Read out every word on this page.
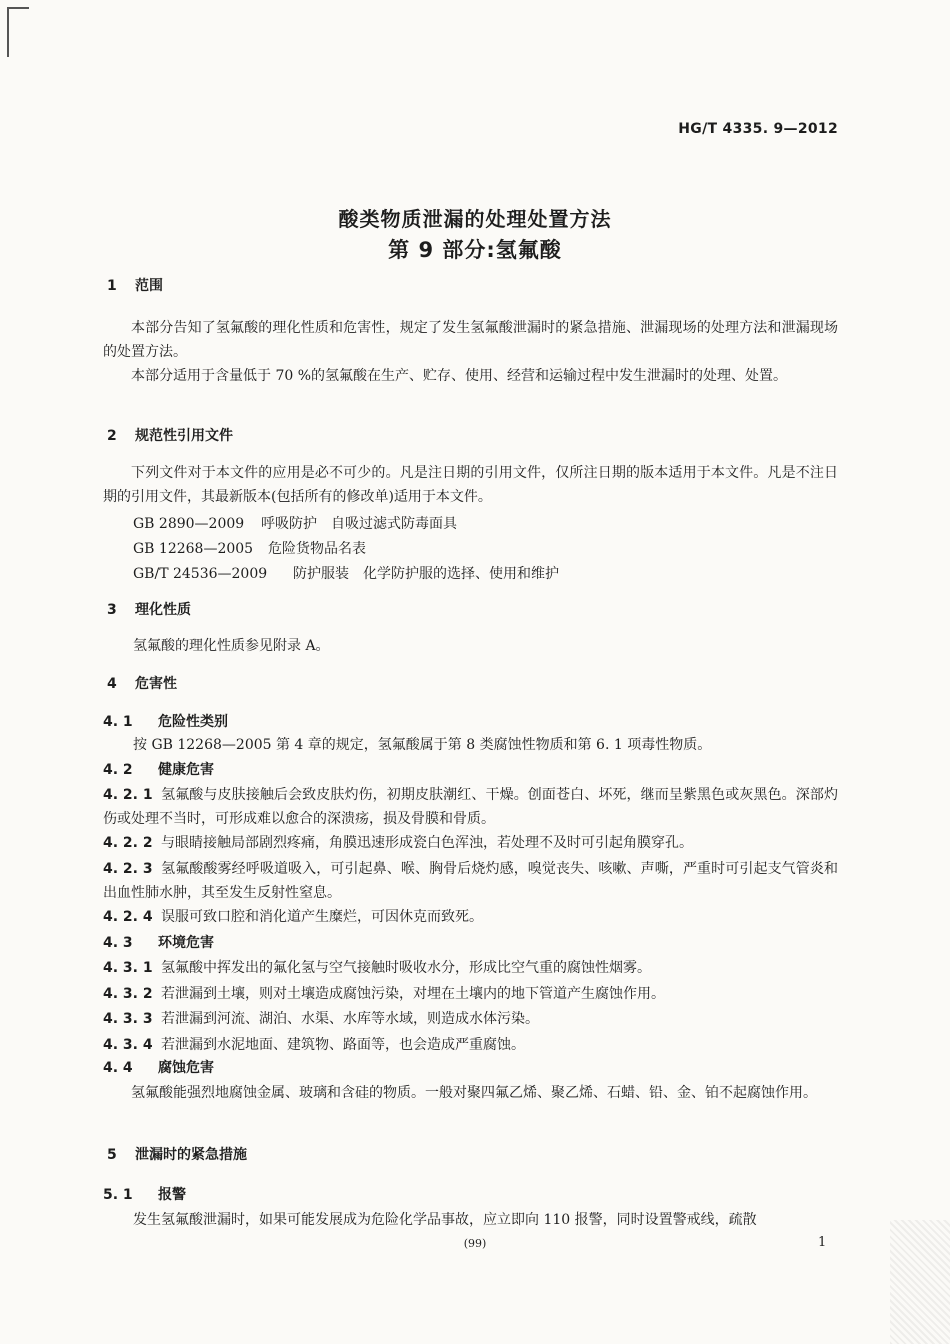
HG/T 4335. 9—2012
酸类物质泄漏的处理处置方法
第 9 部分:氢氟酸
1 范围
本部分告知了氢氟酸的理化性质和危害性，规定了发生氢氟酸泄漏时的紧急措施、泄漏现场的处理方法和泄漏现场的处置方法。
本部分适用于含量低于 70 %的氢氟酸在生产、贮存、使用、经营和运输过程中发生泄漏时的处理、处置。
2 规范性引用文件
下列文件对于本文件的应用是必不可少的。凡是注日期的引用文件，仅所注日期的版本适用于本文件。凡是不注日期的引用文件，其最新版本(包括所有的修改单)适用于本文件。
GB 2890—2009 呼吸防护　自吸过滤式防毒面具
GB 12268—2005 危险货物品名表
GB/T 24536—2009 防护服装　化学防护服的选择、使用和维护
3 理化性质
氢氟酸的理化性质参见附录 A。
4 危害性
4. 1 危险性类别
按 GB 12268—2005 第 4 章的规定，氢氟酸属于第 8 类腐蚀性物质和第 6. 1 项毒性物质。
4. 2 健康危害
4. 2. 1 氢氟酸与皮肤接触后会致皮肤灼伤，初期皮肤潮红、干燥。创面苍白、坏死，继而呈紫黑色或灰黑色。深部灼伤或处理不当时，可形成难以愈合的深溃疡，损及骨膜和骨质。
4. 2. 2 与眼睛接触局部剧烈疼痛，角膜迅速形成瓷白色浑浊，若处理不及时可引起角膜穿孔。
4. 2. 3 氢氟酸酸雾经呼吸道吸入，可引起鼻、喉、胸骨后烧灼感，嗅觉丧失、咳嗽、声嘶，严重时可引起支气管炎和出血性肺水肿，其至发生反射性窒息。
4. 2. 4 误服可致口腔和消化道产生糜烂，可因休克而致死。
4. 3 环境危害
4. 3. 1 氢氟酸中挥发出的氟化氢与空气接触时吸收水分，形成比空气重的腐蚀性烟雾。
4. 3. 2 若泄漏到土壤，则对土壤造成腐蚀污染，对埋在土壤内的地下管道产生腐蚀作用。
4. 3. 3 若泄漏到河流、湖泊、水渠、水库等水域，则造成水体污染。
4. 3. 4 若泄漏到水泥地面、建筑物、路面等，也会造成严重腐蚀。
4. 4 腐蚀危害
氢氟酸能强烈地腐蚀金属、玻璃和含硅的物质。一般对聚四氟乙烯、聚乙烯、石蜡、铅、金、铂不起腐蚀作用。
5 泄漏时的紧急措施
5. 1 报警
发生氢氟酸泄漏时，如果可能发展成为危险化学品事故，应立即向 110 报警，同时设置警戒线，疏散
(99)	1
